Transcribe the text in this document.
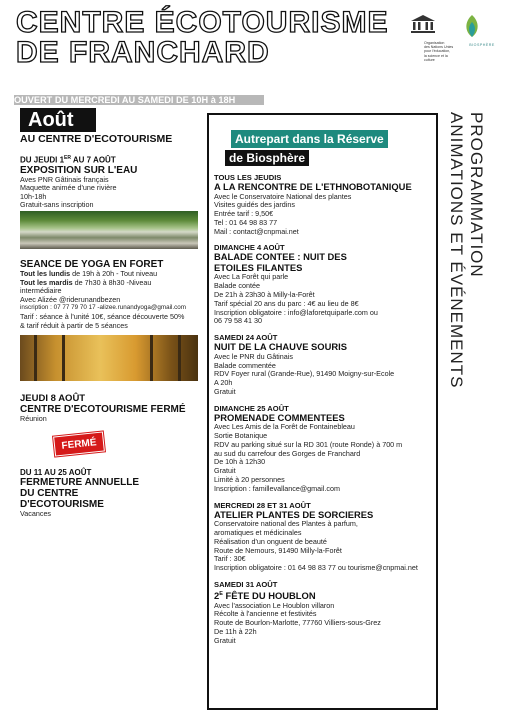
CENTRE ÉCOTOURISME
DE FRANCHARD	Organisation
des Nations Unies
pour l'éducation,
la science et la culture
BIOSPHÈRE
OUVERT DU MERCREDI AU SAMEDI DE 10H à 18H
PROGRAMMATION
ANIMATIONS ET ÉVÉNEMENTS
Août
AU CENTRE D'ECOTOURISME
DU JEUDI 1ER AU 7 AOÛT
EXPOSITION SUR L'EAU
Aves PNR Gâtinais français
Maquette animée d'une rivière
10h-18h
Gratuit-sans inscription
SEANCE DE YOGA EN FORET
Tout les lundis de 19h à 20h - Tout niveau
Tout les mardis de 7h30 à 8h30 -Niveau
intermédiaire
Avec Alizée @riderunandbezen
inscription : 07 77 79 70 17 -alizee.runandyoga@gmail.com
Tarif : séance à l'unité 10€, séance découverte 50%
& tarif réduit à partir de 5 séances
JEUDI 8 AOÛT
CENTRE D'ECOTOURISME FERMÉ
Réunion
FERMÉ
DU 11 AU 25 AOÛT
FERMETURE ANNUELLE
DU CENTRE
D'ECOTOURISME
Vacances
Autrepart dans la Réserve
de Biosphère
TOUS LES JEUDIS
A LA RENCONTRE DE L'ETHNOBOTANIQUE
Avec le Conservatoire National des plantes
Visites guidés des jardins
Entrée tarif : 9,50€
Tel : 01 64 98 83 77
Mail : contact@cnpmai.net
DIMANCHE 4 AOÛT
BALADE CONTEE : NUIT DES
ETOILES FILANTES
Avec La Forêt qui parle
Balade contée
De 21h à 23h30 à Milly-la-Forêt
Tarif spécial 20 ans du parc : 4€ au lieu de 8€
Inscription obligatoire : info@laforetquiparle.com ou
06 79 58 41 30
SAMEDI 24 AOÛT
NUIT DE LA CHAUVE SOURIS
Avec le PNR du Gâtinais
Balade commentée
RDV Foyer rural (Grande-Rue), 91490 Moigny-sur-Ecole
A 20h
Gratuit
DIMANCHE 25 AOÛT
PROMENADE COMMENTEES
Avec Les Amis de la Forêt de Fontainebleau
Sortie Botanique
RDV au parking situé sur la RD 301 (route Ronde) à 700 m
au sud du carrefour des Gorges de Franchard
De 10h à 12h30
Gratuit
Limité à 20 personnes
Inscription : famillevallance@gmail.com
MERCREDI 28 ET 31 AOÛT
ATELIER PLANTES DE SORCIERES
Conservatoire national des Plantes à parfum,
aromatiques et médicinales
Réalisation d'un onguent de beauté
Route de Nemours, 91490 Milly-la-Forêt
Tarif : 30€
Inscription obligatoire : 01 64 98 83 77 ou tourisme@cnpmai.net
SAMEDI 31 AOÛT
$2^E$ FÊTE DU HOUBLON
Avec l'association Le Houblon villaron
Récolte à l'ancienne et festivités
Route de Bourlon-Marlotte, 77760 Villiers-sous-Grez
De 11h à 22h
Gratuit
